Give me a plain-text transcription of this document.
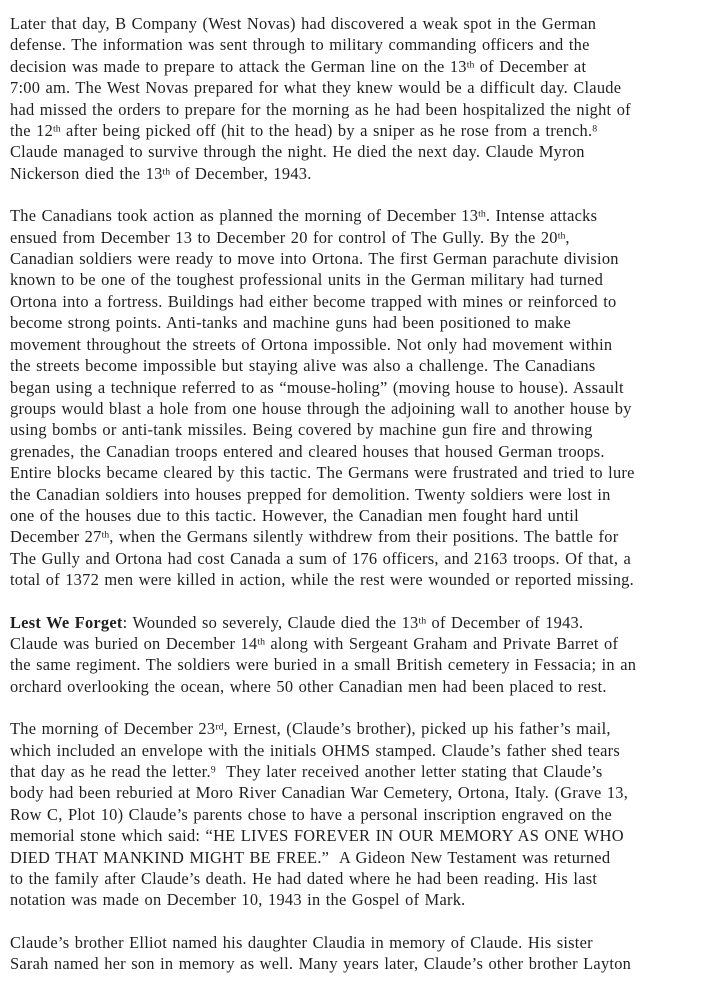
Later that day, B Company (West Novas) had discovered a weak spot in the German
defense. The information was sent through to military commanding officers and the
decision was made to prepare to attack the German line on the 13th of December at
7:00 am. The West Novas prepared for what they knew would be a difficult day. Claude
had missed the orders to prepare for the morning as he had been hospitalized the night of
the 12th after being picked off (hit to the head) by a sniper as he rose from a trench.$^8$
Claude managed to survive through the night. He died the next day. Claude Myron
Nickerson died the 13th of December, 1943.

The Canadians took action as planned the morning of December 13th. Intense attacks
ensued from December 13 to December 20 for control of The Gully. By the 20th,
Canadian soldiers were ready to move into Ortona. The first German parachute division
known to be one of the toughest professional units in the German military had turned
Ortona into a fortress. Buildings had either become trapped with mines or reinforced to
become strong points. Anti-tanks and machine guns had been positioned to make
movement throughout the streets of Ortona impossible. Not only had movement within
the streets become impossible but staying alive was also a challenge. The Canadians
began using a technique referred to as “mouse-holing” (moving house to house). Assault
groups would blast a hole from one house through the adjoining wall to another house by
using bombs or anti-tank missiles. Being covered by machine gun fire and throwing
grenades, the Canadian troops entered and cleared houses that housed German troops.
Entire blocks became cleared by this tactic. The Germans were frustrated and tried to lure
the Canadian soldiers into houses prepped for demolition. Twenty soldiers were lost in
one of the houses due to this tactic. However, the Canadian men fought hard until
December 27th, when the Germans silently withdrew from their positions. The battle for
The Gully and Ortona had cost Canada a sum of 176 officers, and 2163 troops. Of that, a
total of 1372 men were killed in action, while the rest were wounded or reported missing.

Lest We Forget: Wounded so severely, Claude died the 13th of December of 1943.
Claude was buried on December 14th along with Sergeant Graham and Private Barret of
the same regiment. The soldiers were buried in a small British cemetery in Fessacia; in an
orchard overlooking the ocean, where 50 other Canadian men had been placed to rest.

The morning of December 23rd, Ernest, (Claude’s brother), picked up his father’s mail,
which included an envelope with the initials OHMS stamped. Claude’s father shed tears
that day as he read the letter.$^9$  They later received another letter stating that Claude’s
body had been reburied at Moro River Canadian War Cemetery, Ortona, Italy. (Grave 13,
Row C, Plot 10) Claude’s parents chose to have a personal inscription engraved on the
memorial stone which said: “HE LIVES FOREVER IN OUR MEMORY AS ONE WHO
DIED THAT MANKIND MIGHT BE FREE.”  A Gideon New Testament was returned
to the family after Claude’s death. He had dated where he had been reading. His last
notation was made on December 10, 1943 in the Gospel of Mark.

Claude’s brother Elliot named his daughter Claudia in memory of Claude. His sister
Sarah named her son in memory as well. Many years later, Claude’s other brother Layton
